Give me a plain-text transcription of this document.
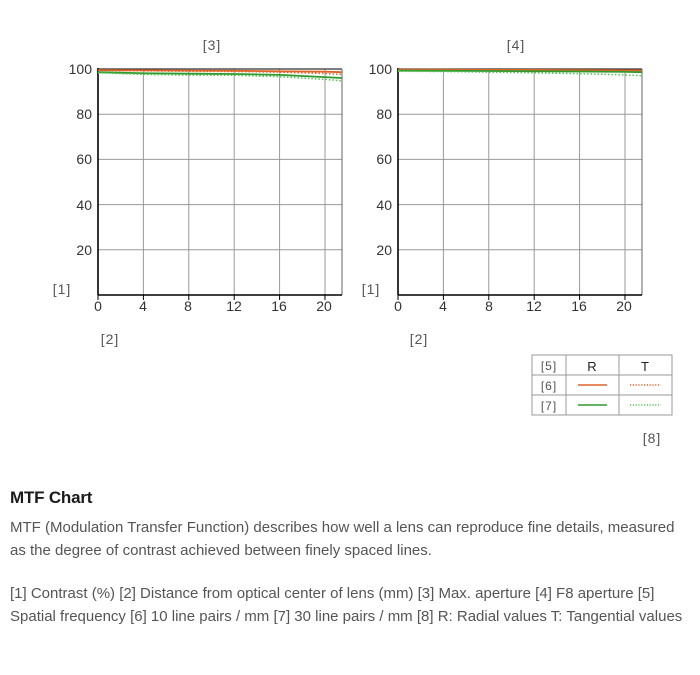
[3]
100
80
60
40
20
0	4	8 12 16 20
[1]
[2]
[4]
100
80
60
40
20
0	4	8 12 16 20
[1]
[2]
[5] R	T
[6]
[7]
[8]

MTF Chart

MTF (Modulation Transfer Function) describes how well a lens can reproduce fine details, measured as the degree of contrast achieved between finely spaced lines.

[1] Contrast (%) [2] Distance from optical center of lens (mm) [3] Max. aperture [4] F8 aperture [5] Spatial frequency [6] 10 line pairs / mm [7] 30 line pairs / mm [8] R: Radial values T: Tangential values
